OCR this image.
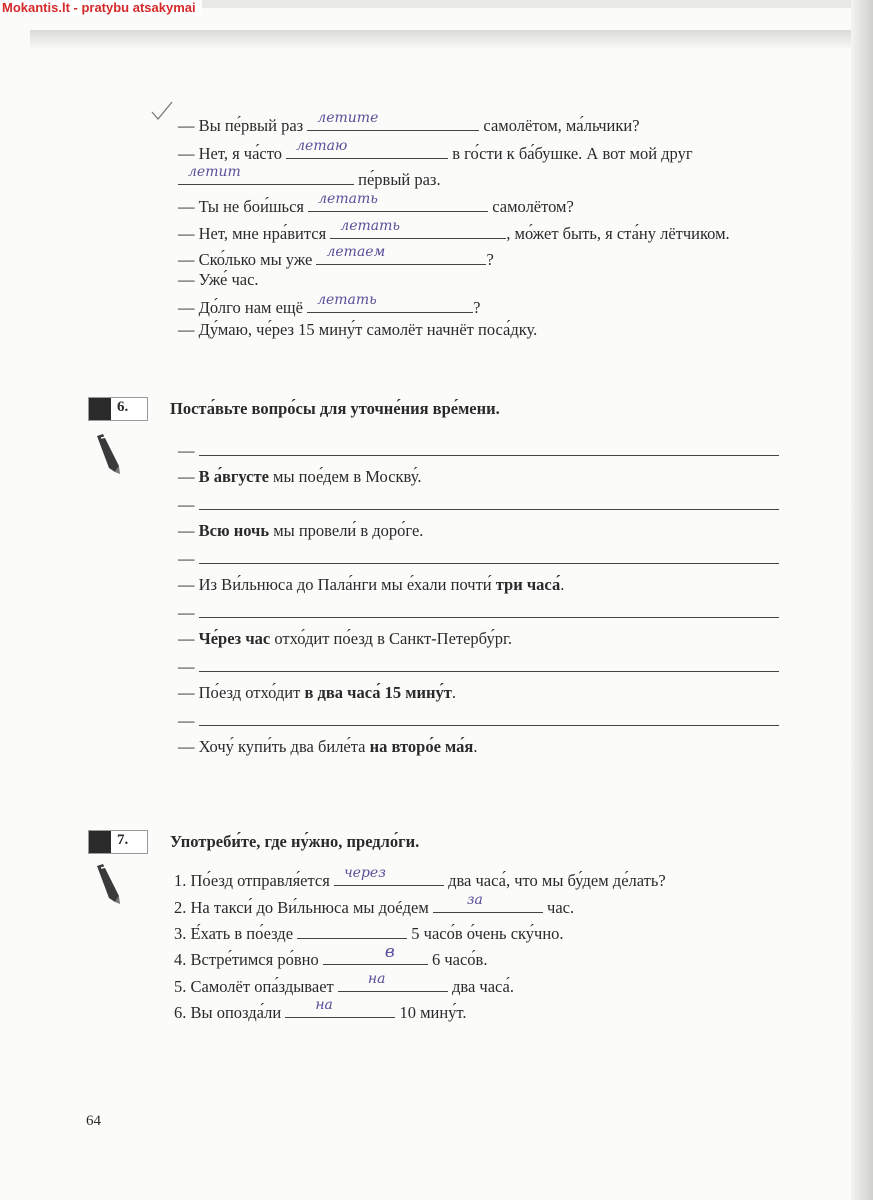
Mokantis.lt - pratybu atsakymai
— Вы пе́рвый раз летите	самолётом, ма́льчики?
— Нет, я ча́сто летаю	в го́сти к ба́бушке. А вот мой друг
летит	пе́рвый раз.
— Ты не бои́шься летать	самолётом?
— Нет, мне нра́вится летать	, мо́жет быть, я ста́ну лётчиком.
— Ско́лько мы уже летаем	?
— Уже́ час.
— До́лго нам ещё летать	?
— Ду́маю, че́рез 15 мину́т самолёт начнёт поса́дку.
6.	Поста́вьте вопро́сы для уточне́ния вре́мени.
—
— В а́вгусте мы пое́дем в Москву́.
—
— Всю ночь мы провели́ в доро́ге.
—
— Из Ви́льнюса до Пала́нги мы е́хали почти́ три часа́.
—
— Че́рез час отхо́дит по́езд в Санкт-Петербу́рг.
—
— По́езд отхо́дит в два часа́ 15 мину́т.
—
— Хочу́ купи́ть два биле́та на второ́е ма́я.
7.	Употреби́те, где ну́жно, предло́ги.
1. По́езд отправля́ется через	два часа́, что мы бу́дем де́лать?
2. На такси́ до Ви́льнюса мы доéдем	за	час.
3. Е́хать в по́езде	5 часо́в о́чень ску́чно.
4. Встре́тимся ро́вно	в 6 часо́в.
5. Самолёт опа́здывает на	два часа́.
6. Вы опозда́ли на	10 мину́т.
64
